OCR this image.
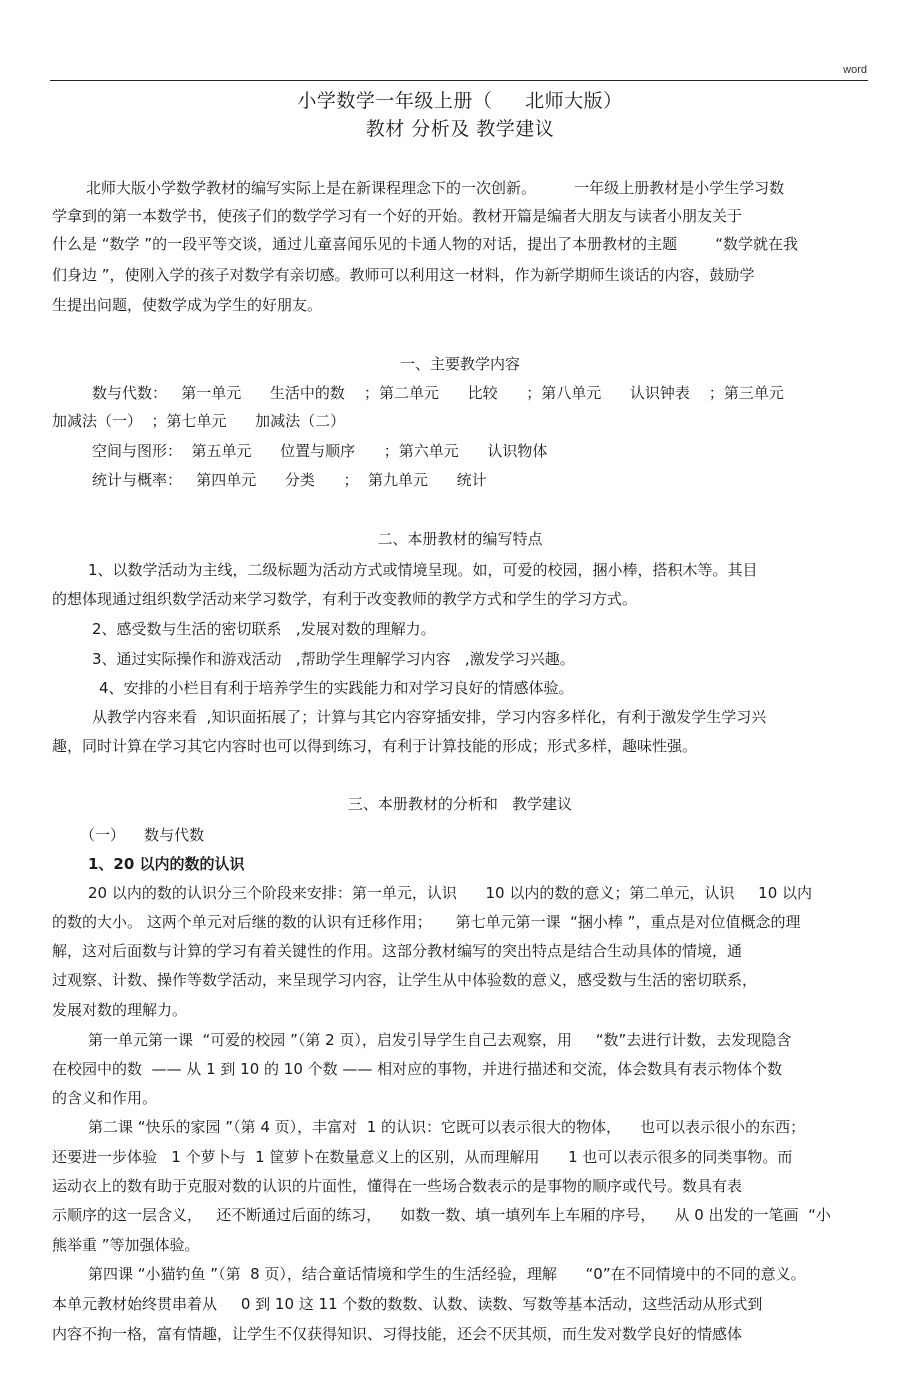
word
小学数学一年级上册（     北师大版）
教材 分析及 教学建议
北师大版小学数学教材的编写实际上是在新课程理念下的一次创新。        一年级上册教材是小学生学习数
学拿到的第一本数学书，使孩子们的数学学习有一个好的开始。教材开篇是编者大朋友与读者小朋友关于
什么是 “数学 ”的一段平等交谈，通过儿童喜闻乐见的卡通人物的对话，提出了本册教材的主题        “数学就在我
们身边 ”，使刚入学的孩子对数学有亲切感。教师可以利用这一材料，作为新学期师生谈话的内容，鼓励学
生提出问题，使数学成为学生的好朋友。
一、主要教学内容
数与代数：   第一单元      生活中的数    ；第二单元      比较      ；第八单元      认识钟表    ；第三单元
加减法（一）  ；第七单元      加减法（二）
空间与图形：  第五单元      位置与顺序      ；第六单元      认识物体
统计与概率：   第四单元      分类      ；  第九单元      统计
二、本册教材的编写特点
1、以数学活动为主线，二级标题为活动方式或情境呈现。如，可爱的校园，捆小棒，搭积木等。其目
的想体现通过组织数学活动来学习数学，有利于改变教师的教学方式和学生的学习方式。
2、感受数与生活的密切联系   ,发展对数的理解力。
3、通过实际操作和游戏活动   ,帮助学生理解学习内容   ,激发学习兴趣。
4、安排的小栏目有利于培养学生的实践能力和对学习良好的情感体验。
从教学内容来看  ,知识面拓展了；计算与其它内容穿插安排，学习内容多样化，有利于激发学生学习兴
趣，同时计算在学习其它内容时也可以得到练习，有利于计算技能的形成；形式多样，趣味性强。
三、本册教材的分析和   教学建议
（一）    数与代数
1、20 以内的数的认识
20 以内的数的认识分三个阶段来安排：第一单元，认识      10 以内的数的意义；第二单元，认识     10 以内
的数的大小。 这两个单元对后继的数的认识有迁移作用；     第七单元第一课  “捆小棒 ”，重点是对位值概念的理
解，这对后面数与计算的学习有着关键性的作用。这部分教材编写的突出特点是结合生动具体的情境，通
过观察、计数、操作等数学活动，来呈现学习内容，让学生从中体验数的意义，感受数与生活的密切联系，
发展对数的理解力。
第一单元第一课  “可爱的校园 ”（第 2 页），启发引导学生自己去观察，用     “数”去进行计数，去发现隐含
在校园中的数  —— 从 1 到 10 的 10 个数 —— 相对应的事物，并进行描述和交流，体会数具有表示物体个数
的含义和作用。
第二课 “快乐的家园 ”（第 4 页），丰富对  1 的认识：它既可以表示很大的物体，    也可以表示很小的东西；
还要进一步体验   1 个萝卜与  1 筐萝卜在数量意义上的区别，从而理解用      1 也可以表示很多的同类事物。而
运动衣上的数有助于克服对数的认识的片面性，懂得在一些场合数表示的是事物的顺序或代号。数具有表
示顺序的这一层含义，   还不断通过后面的练习，    如数一数、填一填列车上车厢的序号，    从 0 出发的一笔画  “小
熊举重 ”等加强体验。
第四课 “小猫钓鱼 ”（第  8 页），结合童话情境和学生的生活经验，理解      “0”在不同情境中的不同的意义。
本单元教材始终贯串着从     0 到 10 这 11 个数的数数、认数、读数、写数等基本活动，这些活动从形式到
内容不拘一格，富有情趣，让学生不仅获得知识、习得技能，还会不厌其烦，而生发对数学良好的情感体
